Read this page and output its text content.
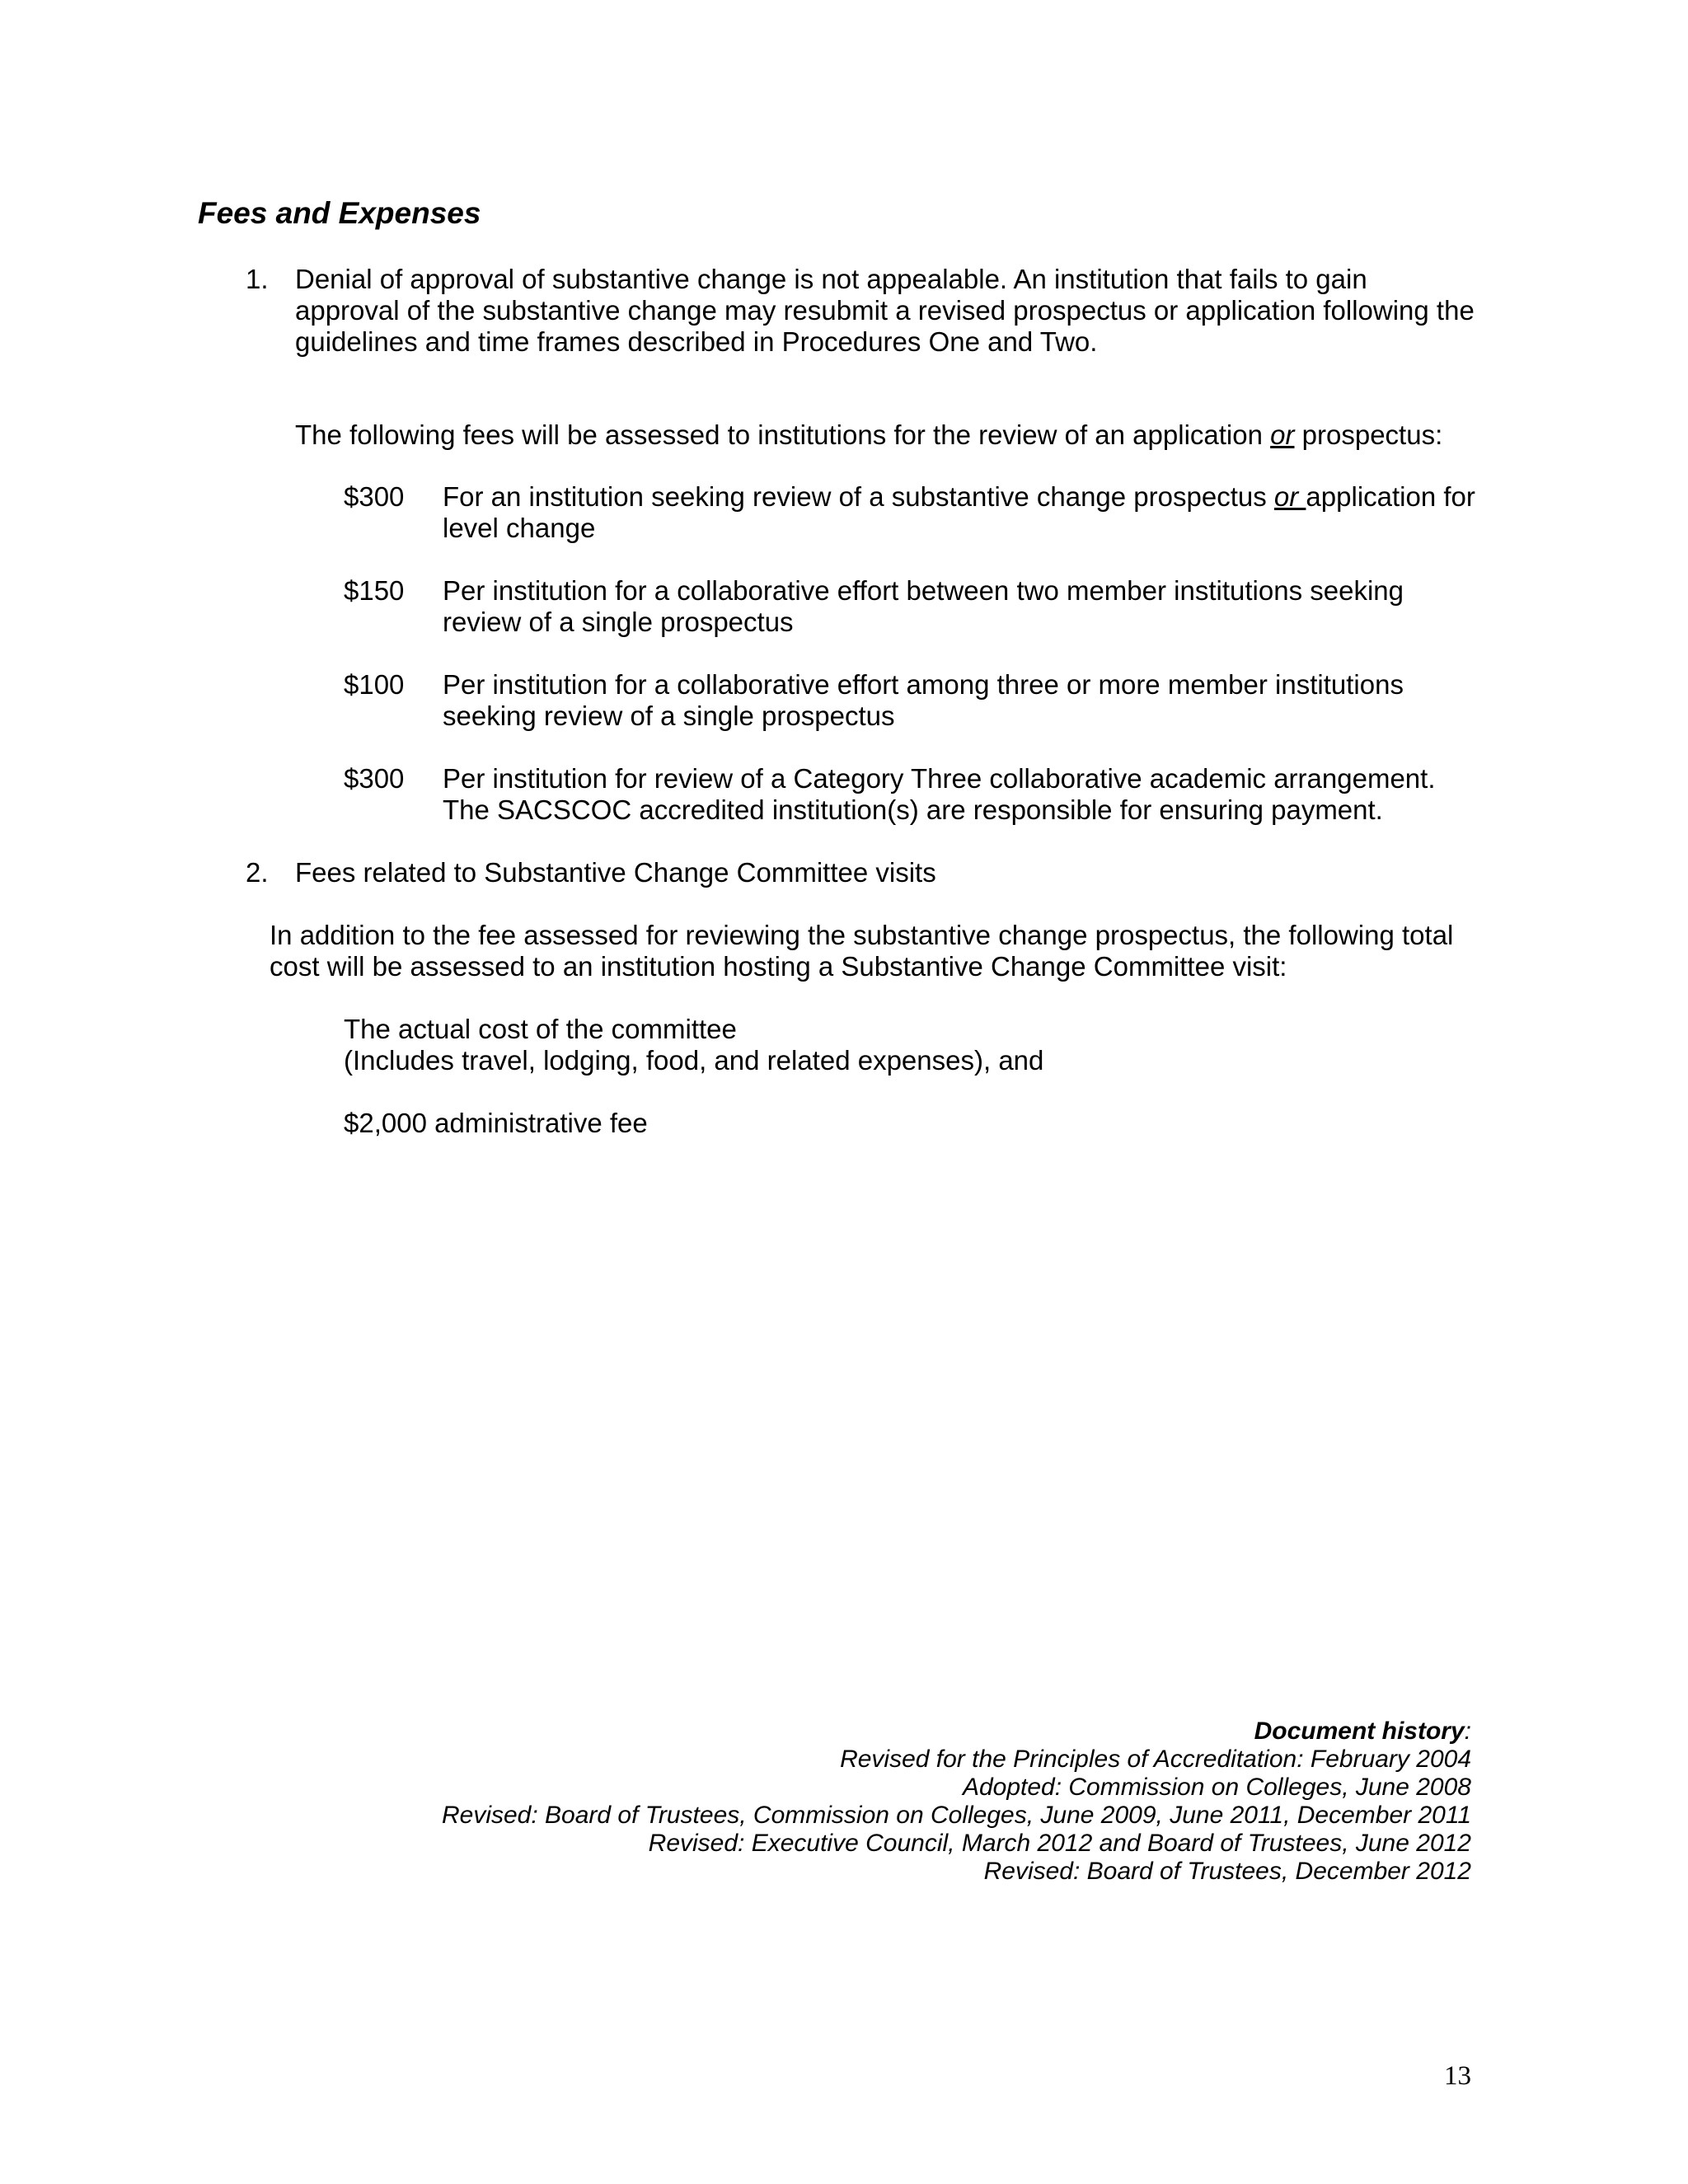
Fees and Expenses
1. Denial of approval of substantive change is not appealable. An institution that fails to gain
approval of the substantive change may resubmit a revised prospectus or application following the
guidelines and time frames described in Procedures One and Two.
The following fees will be assessed to institutions for the review of an application or prospectus:
$300	For an institution seeking review of a substantive change prospectus or application for
level change
$150	Per institution for a collaborative effort between two member institutions seeking
review of a single prospectus
$100	Per institution for a collaborative effort among three or more member institutions
seeking review of a single prospectus
$300	Per institution for review of a Category Three collaborative academic arrangement.
The SACSCOC accredited institution(s) are responsible for ensuring payment.
2. Fees related to Substantive Change Committee visits
In addition to the fee assessed for reviewing the substantive change prospectus, the following total
cost will be assessed to an institution hosting a Substantive Change Committee visit:
The actual cost of the committee
(Includes travel, lodging, food, and related expenses), and
$2,000 administrative fee
Document history:
Revised for the Principles of Accreditation: February 2004
Adopted: Commission on Colleges, June 2008
Revised: Board of Trustees, Commission on Colleges, June 2009, June 2011, December 2011
Revised: Executive Council, March 2012 and Board of Trustees, June 2012
Revised: Board of Trustees, December 2012
13
